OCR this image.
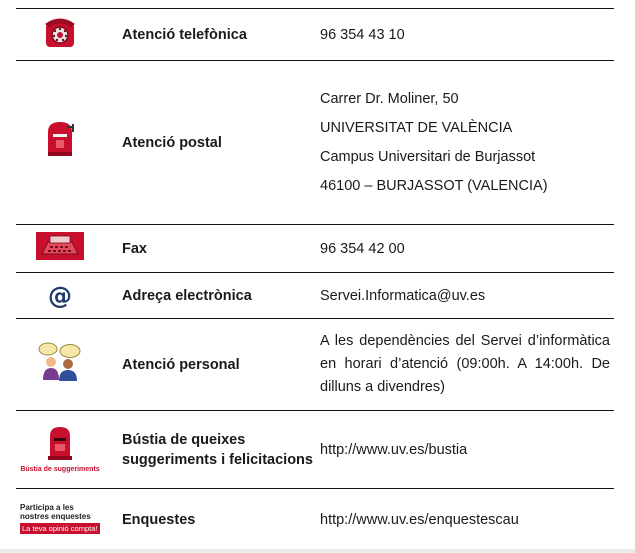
	Atenció telefònica	96 354 43 10
	Atenció postal	Carrer Dr. Moliner, 50
UNIVERSITAT DE VALÈNCIA
Campus Universitari de Burjassot
46100 – BURJASSOT (VALENCIA)

	Fax	96 354 42 00
@	Adreça electrònica	Servei.Informatica@uv.es
	Atenció personal	A les dependències del Servei d’informàtica en horari d’atenció (09:00h. A 14:00h. De dilluns a divendres)

Bústia de suggeriments	Bústia de queixes suggeriments i felicitacions	http://www.uv.es/bustia
Participa a les nostres enquestes
La teva opinió compta!	Enquestes	http://www.uv.es/enquestescau
